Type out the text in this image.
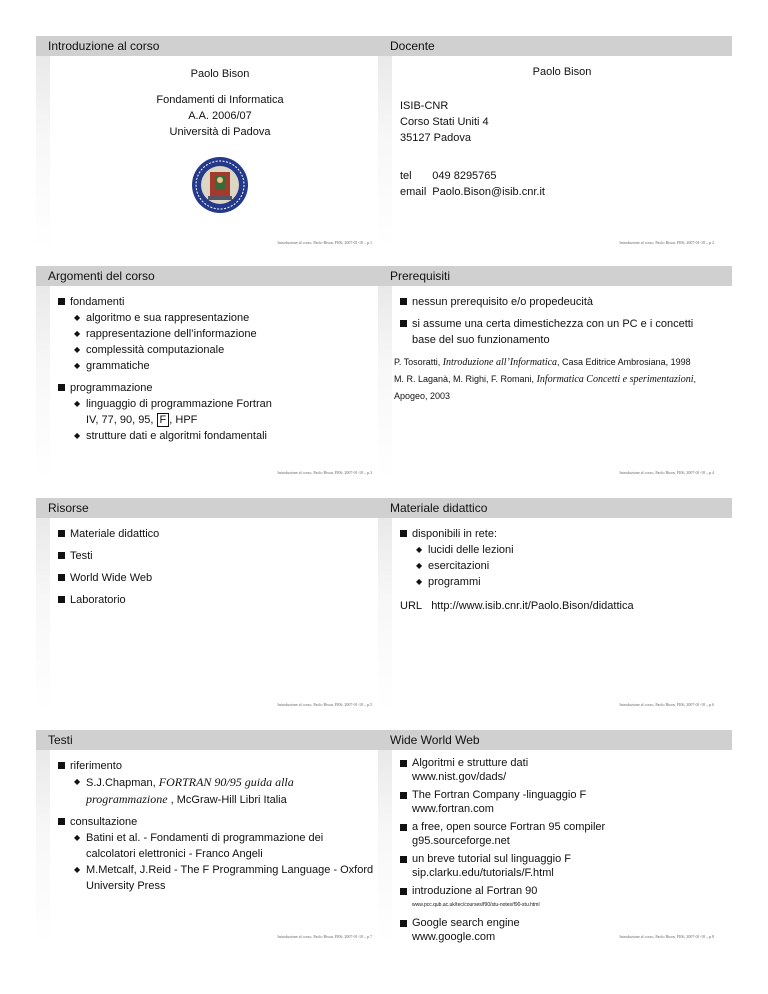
Introduzione al corso
Paolo Bison
Fondamenti di Informatica
A.A. 2006/07
Università di Padova
Introduzione al corso, Paolo Bison, FI06, 2007-01-18 – p.1
Docente
Paolo Bison
ISIB-CNR
Corso Stati Uniti 4
35127 Padova
tel	049 8295765
email	Paolo.Bison@isib.cnr.it
Introduzione al corso, Paolo Bison, FI06, 2007-01-18 – p.2
Argomenti del corso
fondamenti
◆ algoritmo e sua rappresentazione
◆ rappresentazione dell’informazione
◆ complessità computazionale
◆ grammatiche
programmazione
◆ linguaggio di programmazione Fortran
IV, 77, 90, 95, F , HPF
◆ strutture dati e algoritmi fondamentali
Introduzione al corso, Paolo Bison, FI06, 2007-01-18 – p.3
Prerequisiti
nessun prerequisito e/o propedeucità
si assume una certa dimestichezza con un PC e i concetti base del suo funzionamento
P. Tosoratti, Introduzione all’Informatica, Casa Editrice Ambrosiana, 1998
M. R. Laganà, M. Righi, F. Romani, Informatica Concetti e sperimentazioni, Apogeo, 2003
Introduzione al corso, Paolo Bison, FI06, 2007-01-18 – p.4
Risorse
Materiale didattico
Testi
World Wide Web
Laboratorio
Introduzione al corso, Paolo Bison, FI06, 2007-01-18 – p.5
Materiale didattico
disponibili in rete:
◆ lucidi delle lezioni
◆ esercitazioni
◆ programmi
URL http://www.isib.cnr.it/Paolo.Bison/didattica
Introduzione al corso, Paolo Bison, FI06, 2007-01-18 – p.6
Testi
riferimento
◆ S.J.Chapman, FORTRAN 90/95 guida alla programmazione , McGraw-Hill Libri Italia
consultazione
◆ Batini et al. - Fondamenti di programmazione dei calcolatori elettronici - Franco Angeli
◆ M.Metcalf, J.Reid - The F Programming Language - Oxford University Press
Introduzione al corso, Paolo Bison, FI06, 2007-01-18 – p.7
Wide World Web
Algoritmi e strutture dati
www.nist.gov/dads/
The Fortran Company -linguaggio F
www.fortran.com
a free, open source Fortran 95 compiler
g95.sourceforge.net
un breve tutorial sul linguaggio F
sip.clarku.edu/tutorials/F.html
introduzione al Fortran 90
www.pcc.qub.ac.uk/tec/courses/f90/stu-notes/f90-stu.html
Google search engine
www.google.com	Introduzione al corso, Paolo Bison, FI06, 2007-01-18 – p.8
